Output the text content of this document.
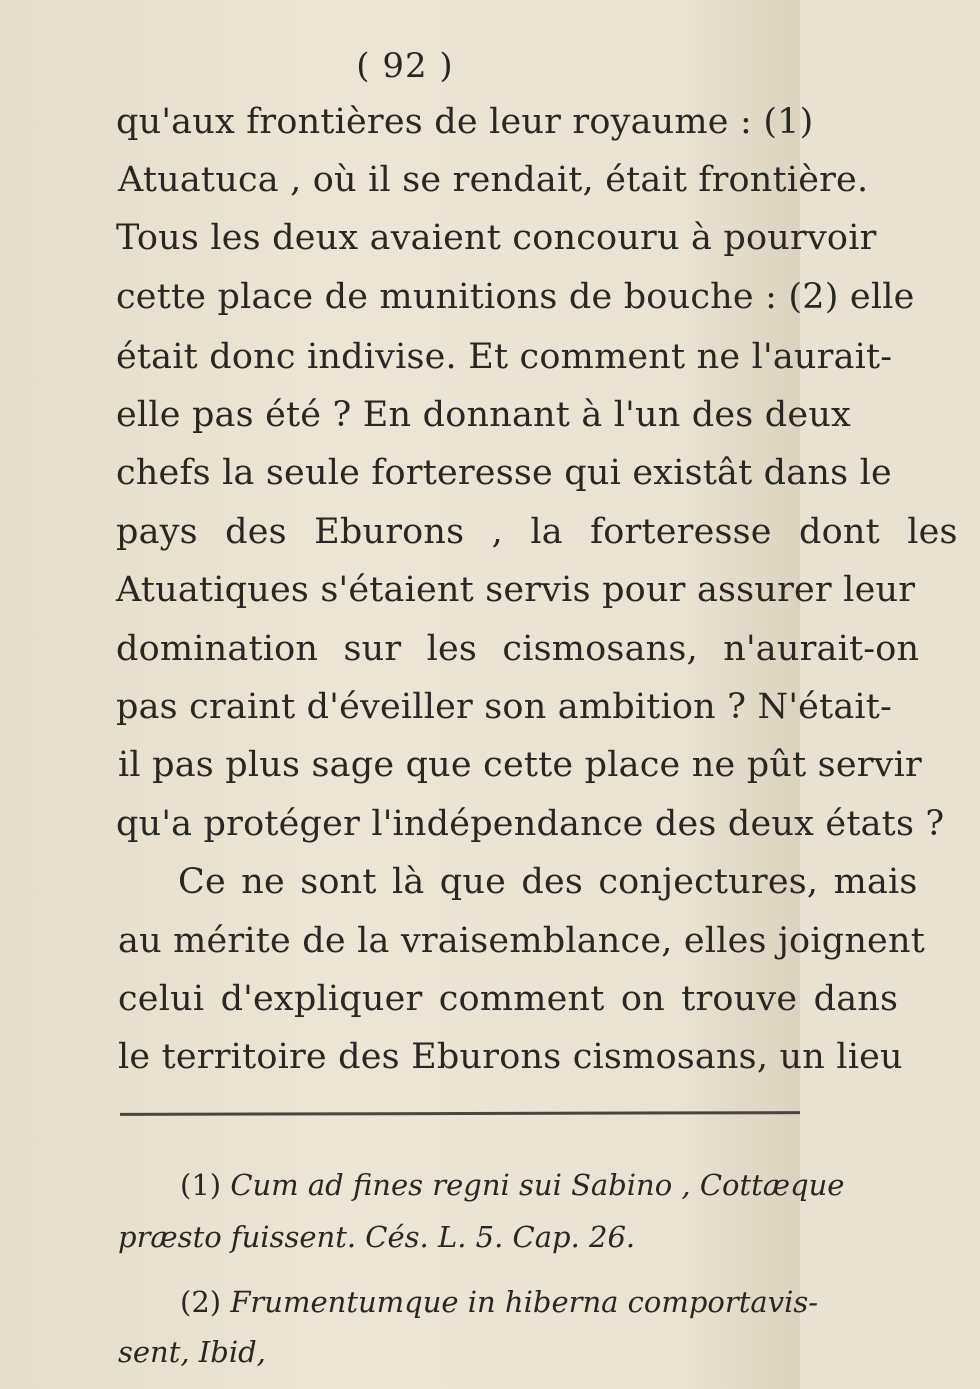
( 92 )
qu'aux frontières de leur royaume : (1)
Atuatuca , où il se rendait, était frontière.
Tous les deux avaient concouru à pourvoir
cette place de munitions de bouche : (2) elle
était donc indivise. Et comment ne l'aurait-
elle pas été ? En donnant à l'un des deux
chefs la seule forteresse qui existât dans le
pays des Eburons , la forteresse dont les
Atuatiques s'étaient servis pour assurer leur
domination sur les cismosans, n'aurait-on
pas craint d'éveiller son ambition ? N'était-
il pas plus sage que cette place ne pût servir
qu'a protéger l'indépendance des deux états ?
Ce ne sont là que des conjectures, mais
au mérite de la vraisemblance, elles joignent
celui d'expliquer comment on trouve dans
le territoire des Eburons cismosans, un lieu
(1) Cum ad fines regni sui Sabino , Cottæque
præsto fuissent. Cés. L. 5. Cap. 26.
(2) Frumentumque in hiberna comportavis-
sent, Ibid,
